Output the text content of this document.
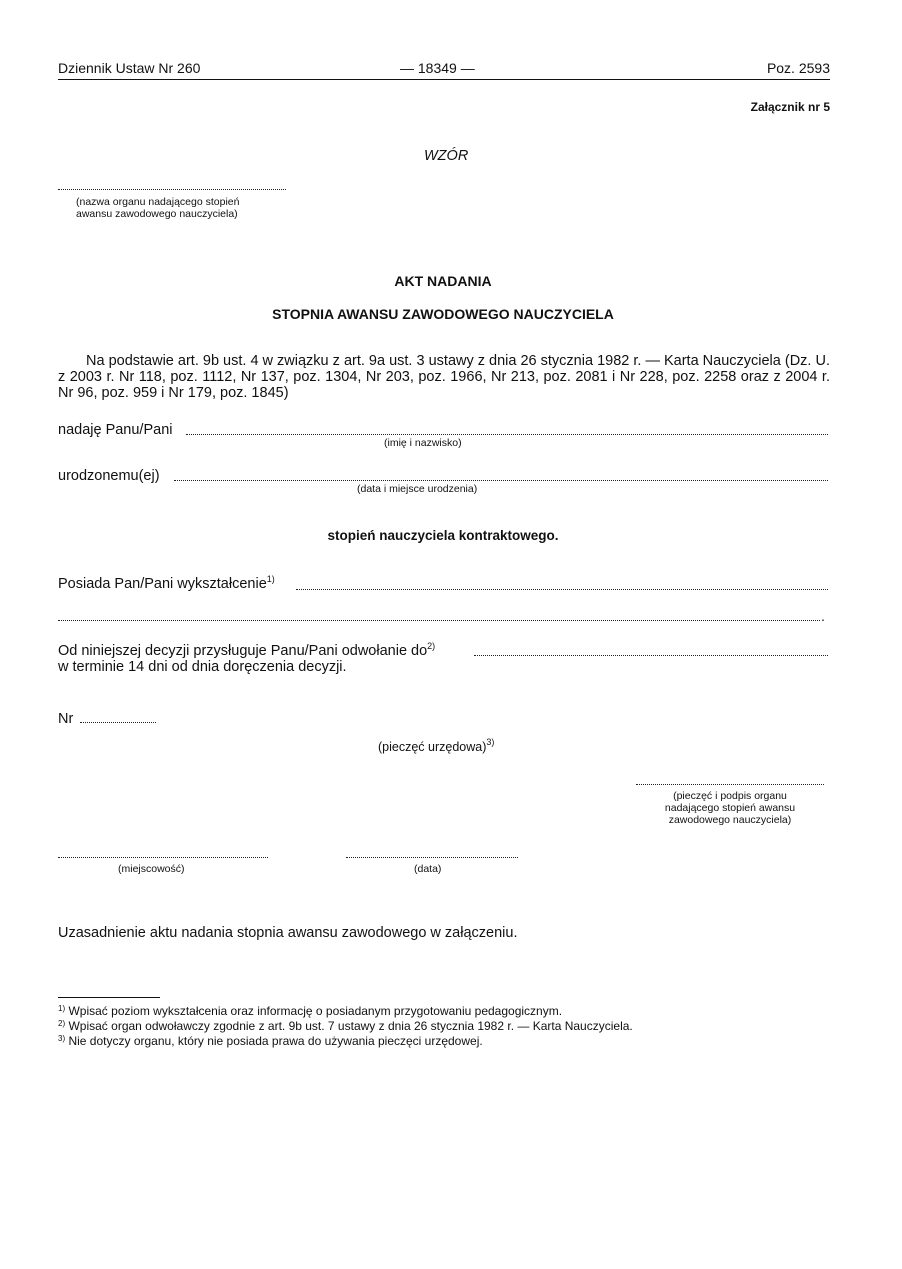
Dziennik Ustaw Nr 260	— 18349 —	Poz. 2593
Załącznik nr 5
WZÓR
(nazwa organu nadającego stopień
awansu zawodowego nauczyciela)
AKT NADANIA
STOPNIA AWANSU ZAWODOWEGO NAUCZYCIELA
Na podstawie art. 9b ust. 4 w związku z art. 9a ust. 3 ustawy z dnia 26 stycznia 1982 r. — Karta Nauczyciela (Dz. U. z 2003 r. Nr 118, poz. 1112, Nr 137, poz. 1304, Nr 203, poz. 1966, Nr 213, poz. 2081 i Nr 228, poz. 2258 oraz z 2004 r. Nr 96, poz. 959 i Nr 179, poz. 1845)
nadaję Panu/Pani
(imię i nazwisko)
urodzonemu(ej)
(data i miejsce urodzenia)
stopień nauczyciela kontraktowego.
Posiada Pan/Pani wykształcenie$^{1)}$
.
Od niniejszej decyzji przysługuje Panu/Pani odwołanie $do^{2)}$
w terminie 14 dni od dnia doręczenia decyzji.
Nr
(pieczęć urzędowa)$^{3)}$
(pieczęć i podpis organu
nadającego stopień awansu
zawodowego nauczyciela)
(miejscowość)	(data)
Uzasadnienie aktu nadania stopnia awansu zawodowego w załączeniu.
$^{1)}$ Wpisać poziom wykształcenia oraz informację o posiadanym przygotowaniu pedagogicznym.
$^{2)}$ Wpisać organ odwoławczy zgodnie z art. 9b ust. 7 ustawy z dnia 26 stycznia 1982 r. — Karta Nauczyciela.
$^{3)}$ Nie dotyczy organu, który nie posiada prawa do używania pieczęci urzędowej.
